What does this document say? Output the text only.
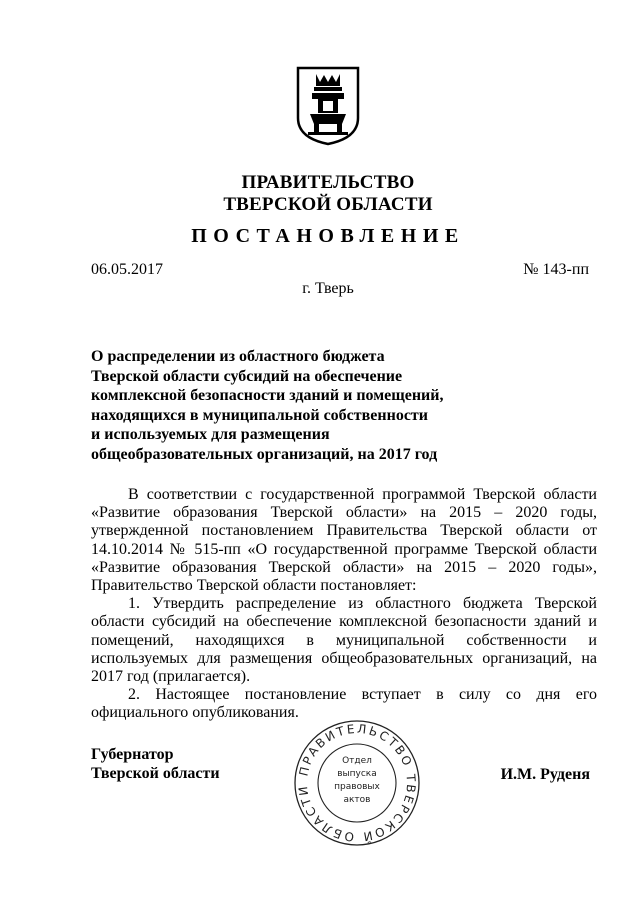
ПРАВИТЕЛЬСТВО
ТВЕРСКОЙ ОБЛАСТИ
ПОСТАНОВЛЕНИЕ
06.05.2017	№ 143-пп
г. Тверь
О распределении из областного бюджета
Тверской области субсидий на обеспечение
комплексной безопасности зданий и помещений,
находящихся в муниципальной собственности
и используемых для размещения
общеобразовательных организаций, на 2017 год

В соответствии с государственной программой Тверской области «Развитие образования Тверской области» на 2015 – 2020 годы, утвержденной постановлением Правительства Тверской области от 14.10.2014 № 515-пп «О государственной программе Тверской области «Развитие образования Тверской области» на 2015 – 2020 годы», Правительство Тверской области постановляет:

1. Утвердить распределение из областного бюджета Тверской области субсидий на обеспечение комплексной безопасности зданий и помещений, находящихся в муниципальной собственности и используемых для размещения общеобразовательных организаций, на 2017 год (прилагается).

2. Настоящее постановление вступает в силу со дня его официального опубликования.

Губернатор
Тверской области	И.М. Руденя
ПРАВИТЕЛЬСТВО ТВЕРСКОЙ ОБЛАСТИ
Отдел
выпуска
правовых
актов
